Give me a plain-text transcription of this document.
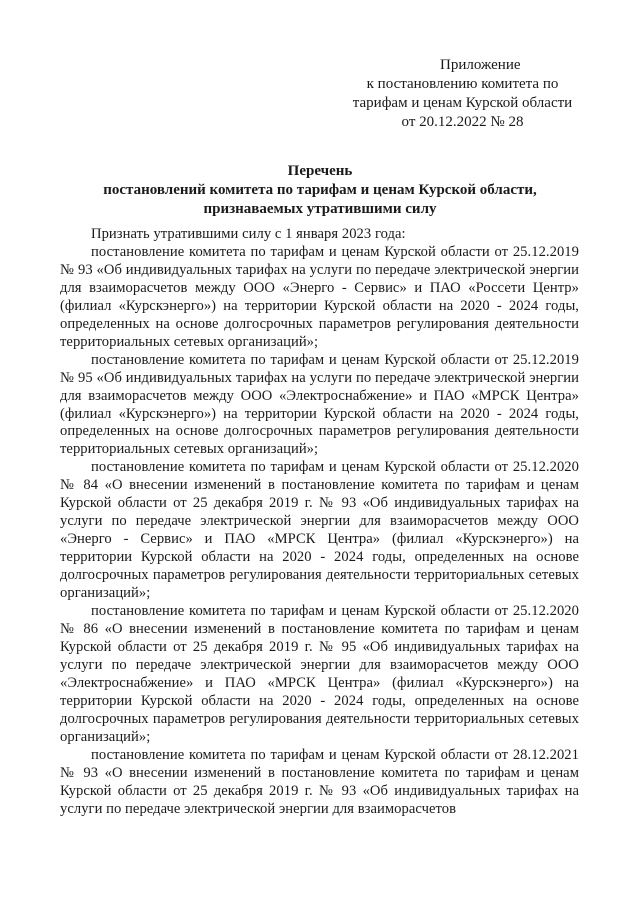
Приложение
к постановлению комитета по
тарифам и ценам Курской области
от 20.12.2022 № 28
Перечень
постановлений комитета по тарифам и ценам Курской области,
признаваемых утратившими силу

Признать утратившими силу с 1 января 2023 года:

постановление комитета по тарифам и ценам Курской области от 25.12.2019 № 93 «Об индивидуальных тарифах на услуги по передаче электрической энергии для взаиморасчетов между ООО «Энерго - Сервис» и ПАО «Россети Центр» (филиал «Курскэнерго») на территории Курской области на 2020 - 2024 годы, определенных на основе долгосрочных параметров регулирования деятельности территориальных сетевых организаций»;

постановление комитета по тарифам и ценам Курской области от 25.12.2019 № 95 «Об индивидуальных тарифах на услуги по передаче электрической энергии для взаиморасчетов между ООО «Электроснабжение» и ПАО «МРСК Центра» (филиал «Курскэнерго») на территории Курской области на 2020 - 2024 годы, определенных на основе долгосрочных параметров регулирования деятельности территориальных сетевых организаций»;

постановление комитета по тарифам и ценам Курской области от 25.12.2020 № 84 «О внесении изменений в постановление комитета по тарифам и ценам Курской области от 25 декабря 2019 г. № 93 «Об индивидуальных тарифах на услуги по передаче электрической энергии для взаиморасчетов между ООО «Энерго - Сервис» и ПАО «МРСК Центра» (филиал «Курскэнерго») на территории Курской области на 2020 - 2024 годы, определенных на основе долгосрочных параметров регулирования деятельности территориальных сетевых организаций»;

постановление комитета по тарифам и ценам Курской области от 25.12.2020 № 86 «О внесении изменений в постановление комитета по тарифам и ценам Курской области от 25 декабря 2019 г. № 95 «Об индивидуальных тарифах на услуги по передаче электрической энергии для взаиморасчетов между ООО «Электроснабжение» и ПАО «МРСК Центра» (филиал «Курскэнерго») на территории Курской области на 2020 - 2024 годы, определенных на основе долгосрочных параметров регулирования деятельности территориальных сетевых организаций»;

постановление комитета по тарифам и ценам Курской области от 28.12.2021 № 93 «О внесении изменений в постановление комитета по тарифам и ценам Курской области от 25 декабря 2019 г. № 93 «Об индивидуальных тарифах на услуги по передаче электрической энергии для взаиморасчетов
